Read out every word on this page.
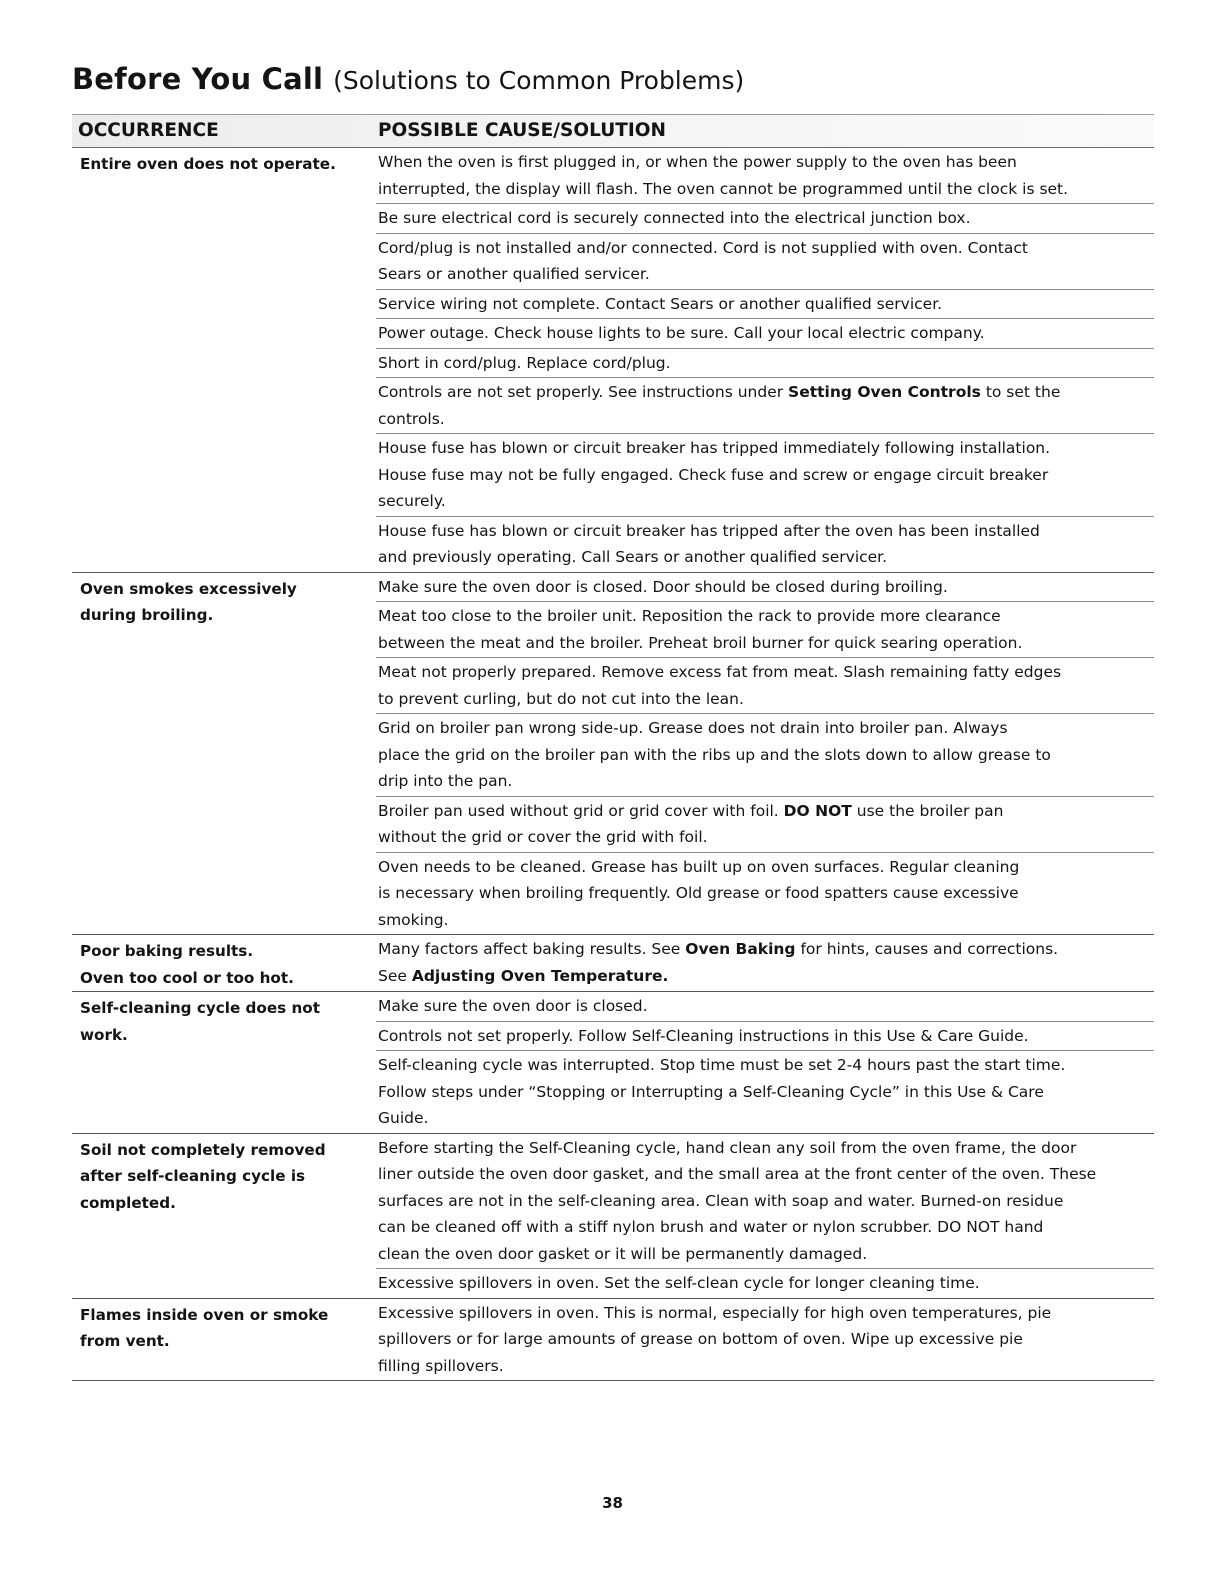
Before You Call (Solutions to Common Problems)
OCCURRENCE	POSSIBLE CAUSE/SOLUTION
Entire oven does not operate.	When the oven is first plugged in, or when the power supply to the oven has been
interrupted, the display will flash. The oven cannot be programmed until the clock is set.
Be sure electrical cord is securely connected into the electrical junction box.
Cord/plug is not installed and/or connected. Cord is not supplied with oven. Contact
Sears or another qualified servicer.
Service wiring not complete. Contact Sears or another qualified servicer.
Power outage. Check house lights to be sure. Call your local electric company.
Short in cord/plug. Replace cord/plug.
Controls are not set properly. See instructions under Setting Oven Controls to set the
controls.
House fuse has blown or circuit breaker has tripped immediately following installation.
House fuse may not be fully engaged. Check fuse and screw or engage circuit breaker
securely.
House fuse has blown or circuit breaker has tripped after the oven has been installed
and previously operating. Call Sears or another qualified servicer.
Oven smokes excessively
during broiling.
Make sure the oven door is closed. Door should be closed during broiling.
Meat too close to the broiler unit. Reposition the rack to provide more clearance
between the meat and the broiler. Preheat broil burner for quick searing operation.
Meat not properly prepared. Remove excess fat from meat. Slash remaining fatty edges
to prevent curling, but do not cut into the lean.
Grid on broiler pan wrong side-up. Grease does not drain into broiler pan. Always
place the grid on the broiler pan with the ribs up and the slots down to allow grease to
drip into the pan.
Broiler pan used without grid or grid cover with foil. DO NOT use the broiler pan
without the grid or cover the grid with foil.
Oven needs to be cleaned. Grease has built up on oven surfaces. Regular cleaning
is necessary when broiling frequently. Old grease or food spatters cause excessive
smoking.
Poor baking results.
Oven too cool or too hot.
Many factors affect baking results. See Oven Baking for hints, causes and corrections.
See Adjusting Oven Temperature.
Self-cleaning cycle does not
work.
Make sure the oven door is closed.
Controls not set properly. Follow Self-Cleaning instructions in this Use & Care Guide.
Self-cleaning cycle was interrupted. Stop time must be set 2-4 hours past the start time.
Follow steps under “Stopping or Interrupting a Self-Cleaning Cycle” in this Use & Care
Guide.
Soil not completely removed
after self-cleaning cycle is
completed.
Before starting the Self-Cleaning cycle, hand clean any soil from the oven frame, the door
liner outside the oven door gasket, and the small area at the front center of the oven. These
surfaces are not in the self-cleaning area. Clean with soap and water. Burned-on residue
can be cleaned off with a stiff nylon brush and water or nylon scrubber. DO NOT hand
clean the oven door gasket or it will be permanently damaged.
Excessive spillovers in oven. Set the self-clean cycle for longer cleaning time.
Flames inside oven or smoke
from vent.
Excessive spillovers in oven. This is normal, especially for high oven temperatures, pie
spillovers or for large amounts of grease on bottom of oven. Wipe up excessive pie
filling spillovers.
38
